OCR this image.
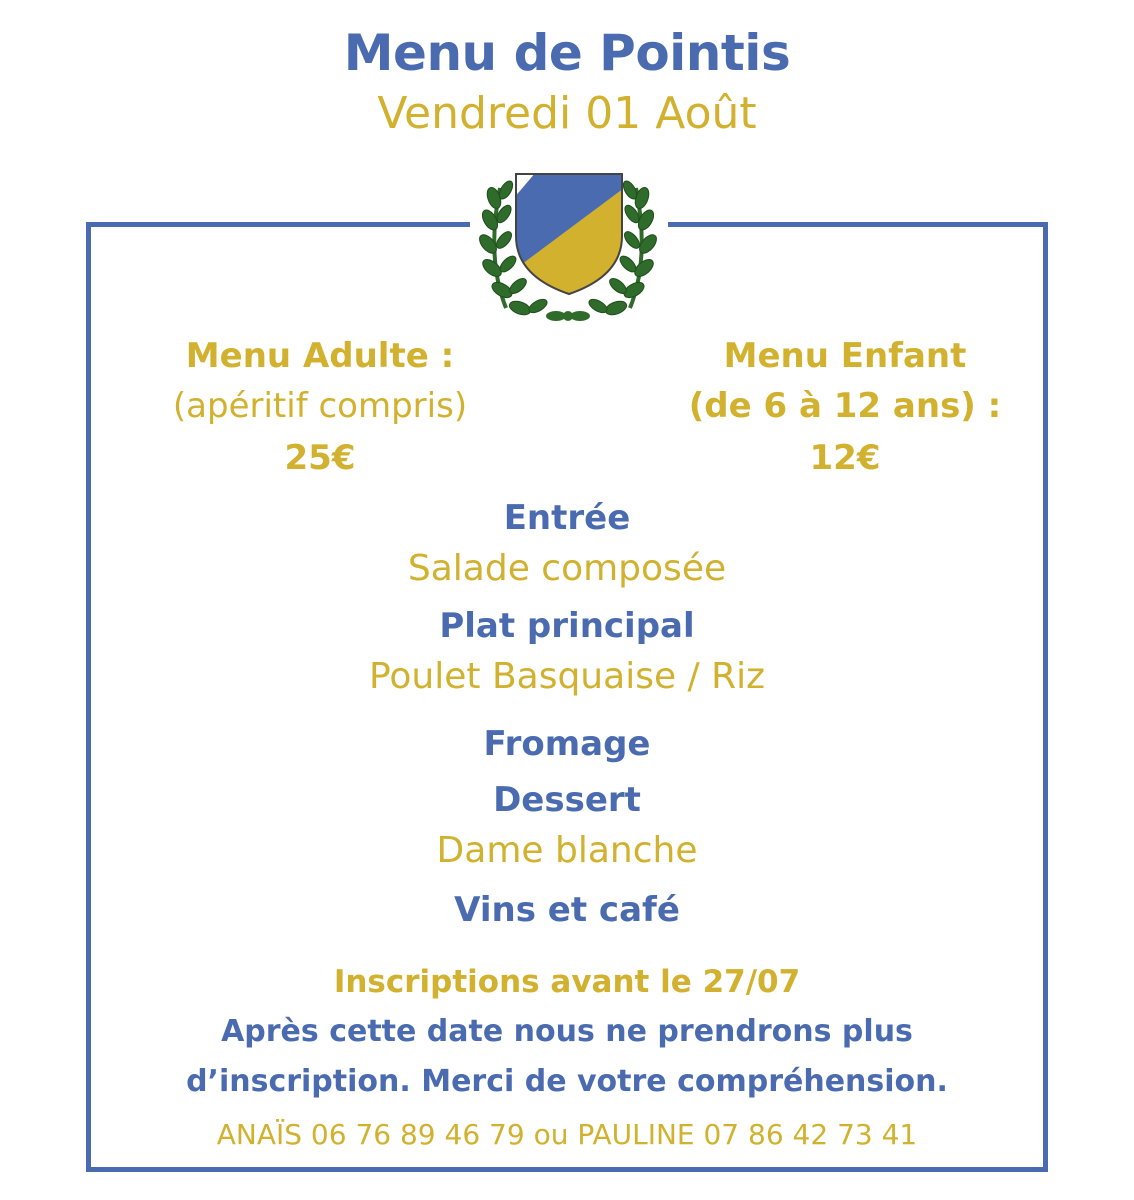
Menu de Pointis
Vendredi 01 Août
Menu Adulte :
(apéritif compris)
25€
Menu Enfant
(de 6 à 12 ans) :
12€
Entrée
Salade composée
Plat principal
Poulet Basquaise / Riz
Fromage
Dessert
Dame blanche
Vins et café
Inscriptions avant le 27/07
Après cette date nous ne prendrons plus
d’inscription. Merci de votre compréhension.
ANAÏS 06 76 89 46 79 ou PAULINE 07 86 42 73 41
